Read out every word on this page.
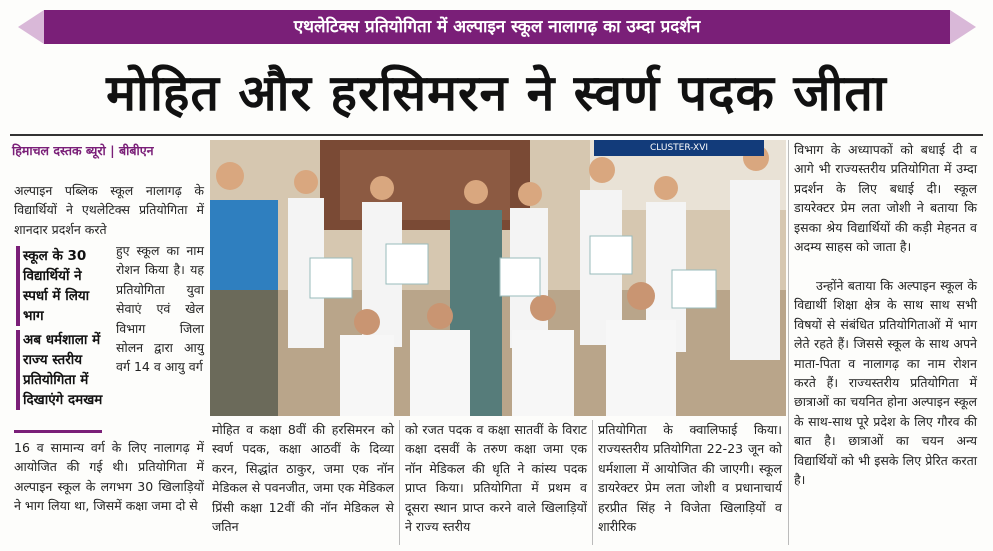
एथलेटिक्स प्रतियोगिता में अल्पाइन स्कूल नालागढ़ का उम्दा प्रदर्शन
मोहित और हरसिमरन ने स्वर्ण पदक जीता
हिमाचल दस्तक ब्यूरो | बीबीएन
अल्पाइन पब्लिक स्कूल नालागढ़ के विद्यार्थियों ने एथलेटिक्स प्रतियोगिता में शानदार प्रदर्शन करते
स्कूल के 30 विद्यार्थियों ने स्पर्धा में लिया भाग
अब धर्मशाला में राज्य स्तरीय प्रतियोगिता में दिखाएंगे दमखम
हुए स्कूल का नाम रोशन किया है। यह प्रतियोगिता युवा सेवाएं एवं खेल विभाग जिला सोलन द्वारा आयु वर्ग 14 व आयु वर्ग
16 व सामान्य वर्ग के लिए नालागढ़ में आयोजित की गई थी। प्रतियोगिता में अल्पाइन स्कूल के लगभग 30 खिलाड़ियों ने भाग लिया था, जिसमें कक्षा जमा दो से
CLUSTER-XVI
मोहित व कक्षा 8वीं की हरसिमरन को स्वर्ण पदक, कक्षा आठवीं के दिव्या करन, सिद्धांत ठाकुर, जमा एक नॉन मेडिकल से पवनजीत, जमा एक मेडिकल प्रिंसी कक्षा 12वीं की नॉन मेडिकल से जतिन
को रजत पदक व कक्षा सातवीं के विराट कक्षा दसवीं के तरुण कक्षा जमा एक नॉन मेडिकल की धृति ने कांस्य पदक प्राप्त किया। प्रतियोगिता में प्रथम व दूसरा स्थान प्राप्त करने वाले खिलाड़ियों ने राज्य स्तरीय
प्रतियोगिता के क्वालिफाई किया। राज्यस्तरीय प्रतियोगिता 22-23 जून को धर्मशाला में आयोजित की जाएगी। स्कूल डायरेक्टर प्रेम लता जोशी व प्रधानाचार्य हरप्रीत सिंह ने विजेता खिलाड़ियों व शारीरिक
विभाग के अध्यापकों को बधाई दी व आगे भी राज्यस्तरीय प्रतियोगिता में उम्दा प्रदर्शन के लिए बधाई दी। स्कूल डायरेक्टर प्रेम लता जोशी ने बताया कि इसका श्रेय विद्यार्थियों की कड़ी मेहनत व अदम्य साहस को जाता है।
उन्होंने बताया कि अल्पाइन स्कूल के विद्यार्थी शिक्षा क्षेत्र के साथ साथ सभी विषयों से संबंधित प्रतियोगिताओं में भाग लेते रहते हैं। जिससे स्कूल के साथ अपने माता-पिता व नालागढ़ का नाम रोशन करते हैं। राज्यस्तरीय प्रतियोगिता में छात्राओं का चयनित होना अल्पाइन स्कूल के साथ-साथ पूरे प्रदेश के लिए गौरव की बात है। छात्राओं का चयन अन्य विद्यार्थियों को भी इसके लिए प्रेरित करता है।
